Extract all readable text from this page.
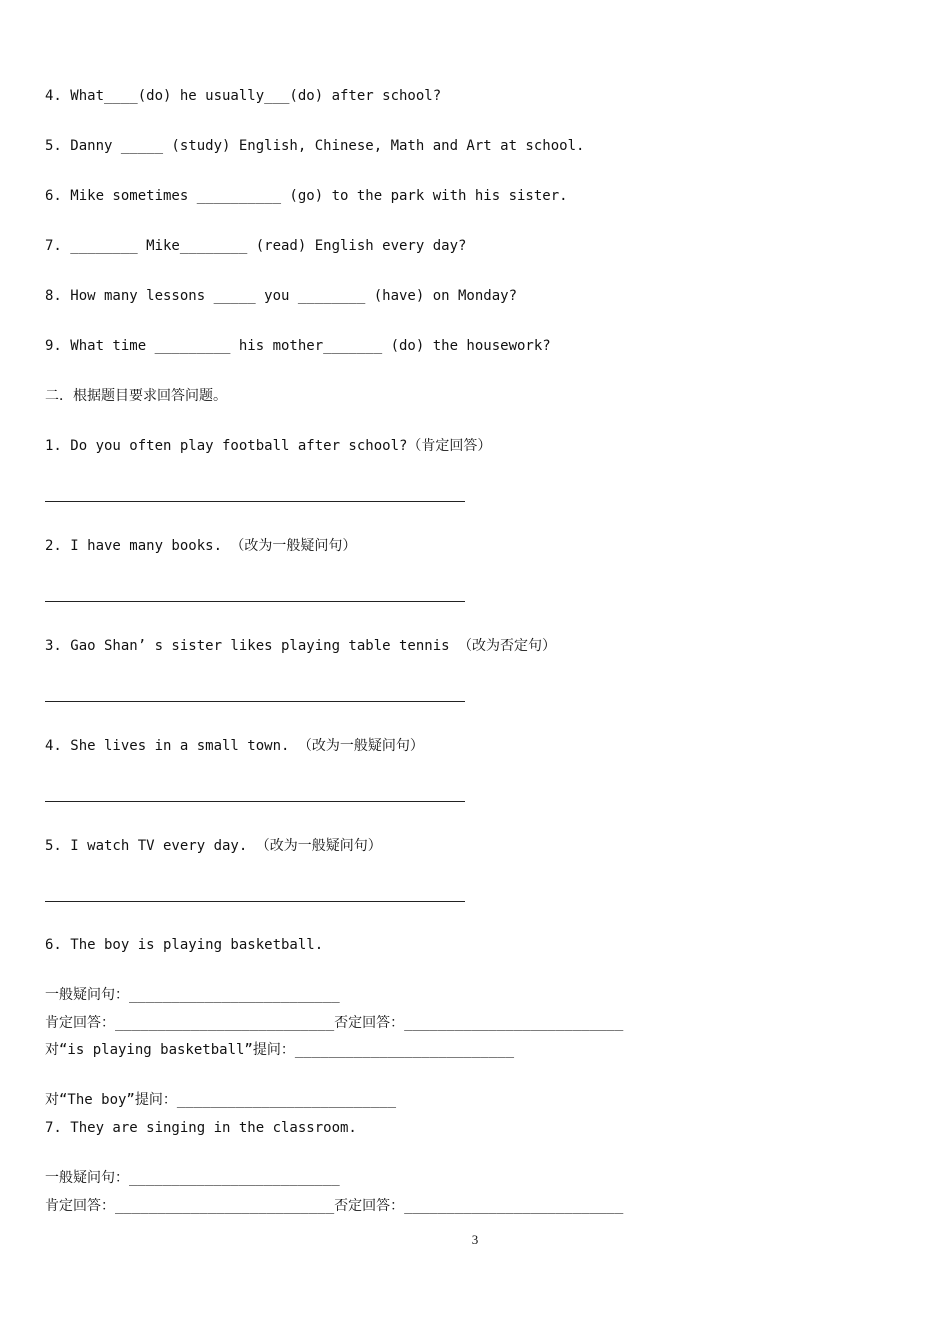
4. What____(do) he usually___(do) after school?
5. Danny _____ (study) English, Chinese, Math and Art at school.
6. Mike sometimes __________ (go) to the park with his sister.
7. ________ Mike________ (read) English every day?
8. How many lessons _____ you ________ (have) on Monday?
9. What time _________ his mother_______ (do) the housework?
二．根据题目要求回答问题。
1. Do you often play football after school?（肯定回答）
2. I have many books. （改为一般疑问句）
3. Gao Shan’ s sister likes playing table tennis （改为否定句）
4. She lives in a small town. （改为一般疑问句）
5. I watch TV every day. （改为一般疑问句）
6. The boy is playing basketball.
一般疑问句：_________________________
肯定回答：__________________________否定回答：__________________________
对“is playing basketball”提问：__________________________
对“The boy”提问：__________________________
7. They are singing in the classroom.
一般疑问句：_________________________
肯定回答：__________________________否定回答：__________________________
3
